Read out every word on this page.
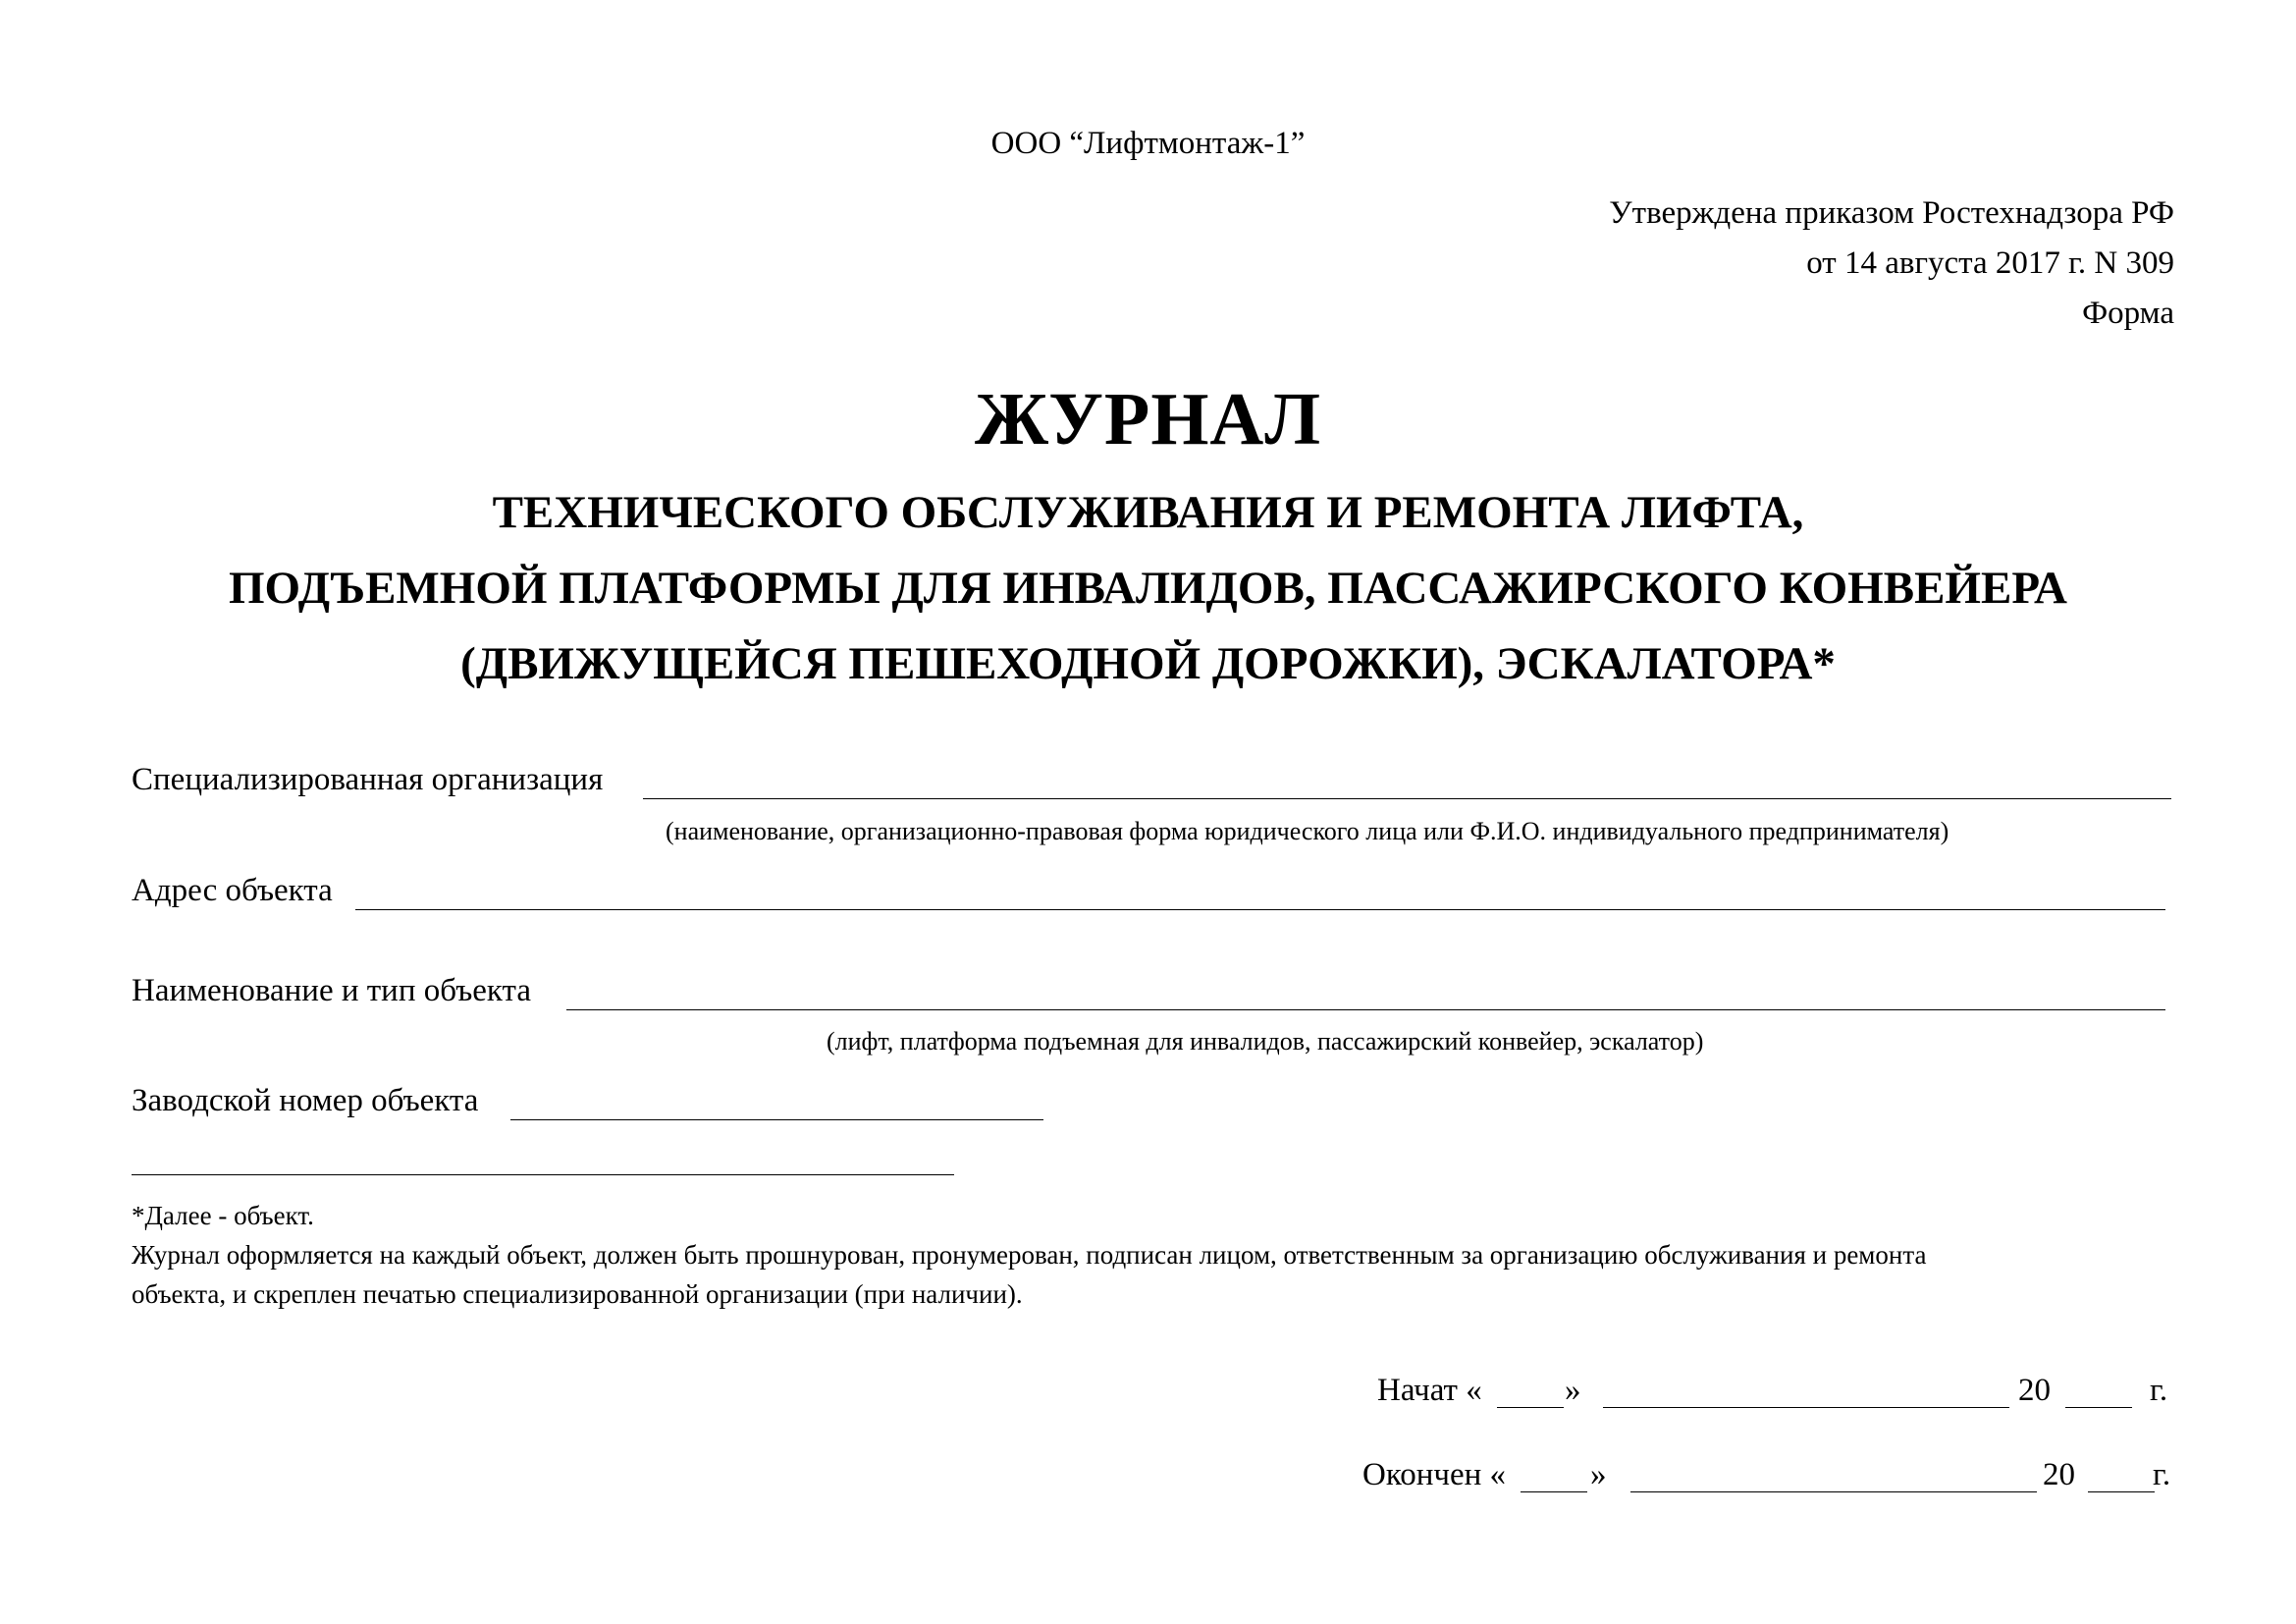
ООО “Лифтмонтаж-1”
Утверждена приказом Ростехнадзора РФ
от 14 августа 2017 г. N 309
Форма
ЖУРНАЛ
ТЕХНИЧЕСКОГО ОБСЛУЖИВАНИЯ И РЕМОНТА ЛИФТА,
ПОДЪЕМНОЙ ПЛАТФОРМЫ ДЛЯ ИНВАЛИДОВ, ПАССАЖИРСКОГО КОНВЕЙЕРА
(ДВИЖУЩЕЙСЯ ПЕШЕХОДНОЙ ДОРОЖКИ), ЭСКАЛАТОРА*
Специализированная организация
(наименование, организационно-правовая форма юридического лица или Ф.И.О. индивидуального предпринимателя)
Адрес объекта
Наименование и тип объекта
(лифт, платформа подъемная для инвалидов, пассажирский конвейер, эскалатор)
Заводской номер объекта
*Далее - объект.
Журнал оформляется на каждый объект, должен быть прошнурован, пронумерован, подписан лицом, ответственным за организацию обслуживания и ремонта
объекта, и скреплен печатью специализированной организации (при наличии).
Начат «	»	20	г.
Окончен «	»	20 г.
